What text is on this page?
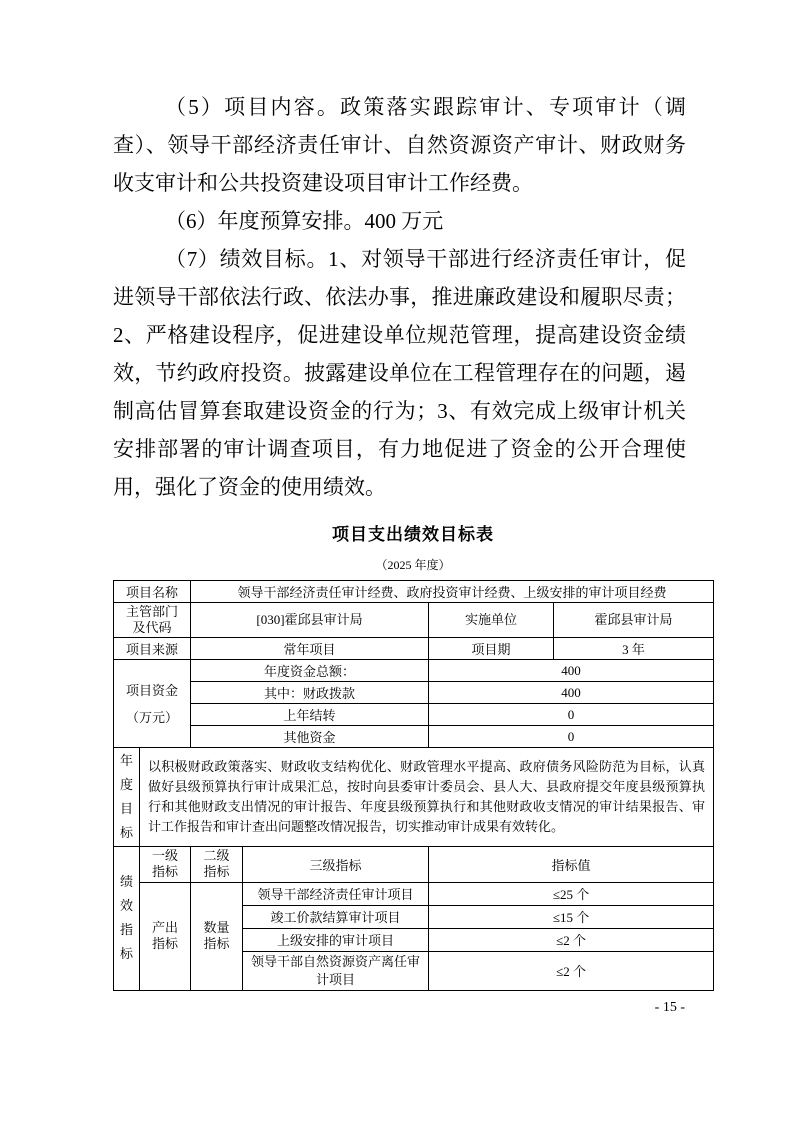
（5）项目内容。政策落实跟踪审计、专项审计（调查）、领导干部经济责任审计、自然资源资产审计、财政财务收支审计和公共投资建设项目审计工作经费。

（6）年度预算安排。400 万元

（7）绩效目标。1、对领导干部进行经济责任审计，促进领导干部依法行政、依法办事，推进廉政建设和履职尽责；2、严格建设程序，促进建设单位规范管理，提高建设资金绩效，节约政府投资。披露建设单位在工程管理存在的问题，遏制高估冒算套取建设资金的行为；3、有效完成上级审计机关安排部署的审计调查项目，有力地促进了资金的公开合理使用，强化了资金的使用绩效。

项目支出绩效目标表
（2025 年度）
项目名称		领导干部经济责任审计经费、政府投资审计经费、上级安排的审计项目经费			

主管部门
及代码		[030]霍邱县审计局		实施单位	霍邱县审计局
项目来源		常年项目		项目期	3 年

项目资金
（万元）		年度资金总额：		400	
		其中：财政拨款		400	
		上年结转		0	
		其他资金		0	

年度目标	以积极财政政策落实、财政收支结构优化、财政管理水平提高、政府债务风险防范为目标，认真做好县级预算执行审计成果汇总，按时向县委审计委员会、县人大、县政府提交年度县级预算执行和其他财政支出情况的审计报告、年度县级预算执行和其他财政收支情况的审计结果报告、审计工作报告和审计查出问题整改情况报告，切实推动审计成果有效转化。				

绩效指标	一级指标	二级指标	三级指标	指标值	

	产出指标	数量指标	领导干部经济责任审计项目	≤25 个	
			竣工价款结算审计项目	≤15 个	
			上级安排的审计项目	≤2 个	
			领导干部自然资源资产离任审计项目	≤2 个	
- 15 -
